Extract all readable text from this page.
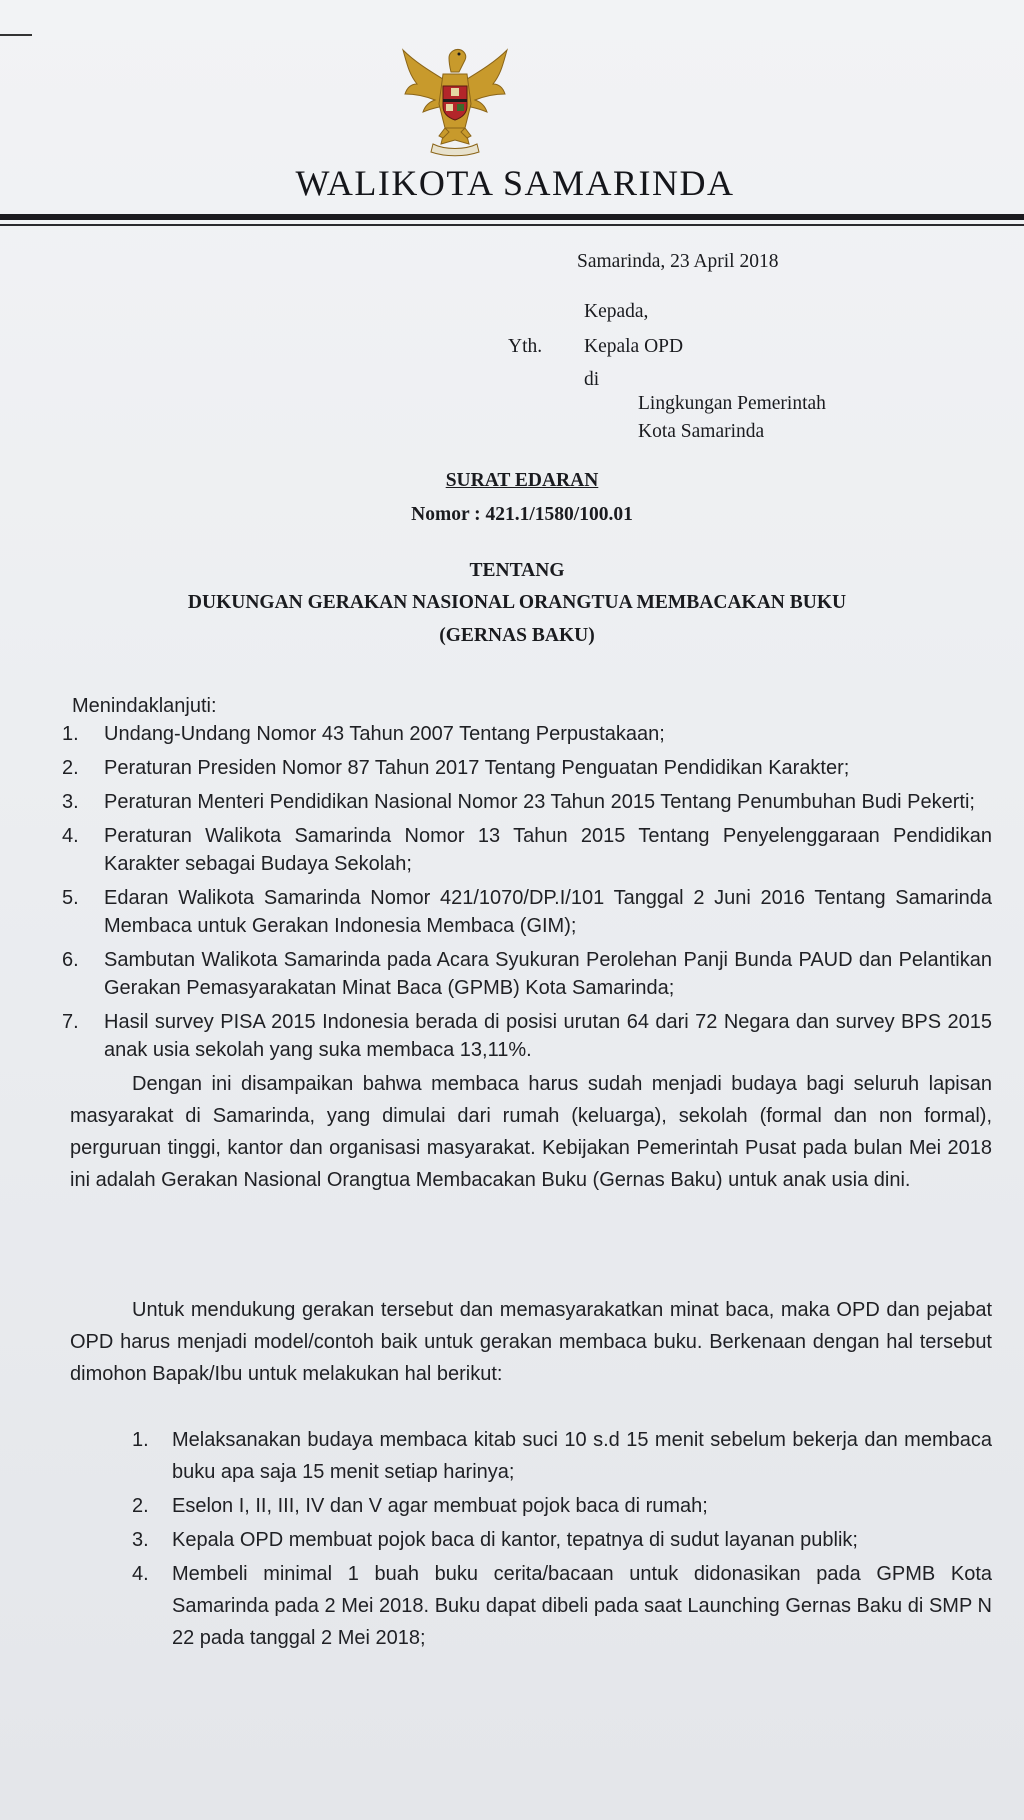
WALIKOTA SAMARINDA
Samarinda, 23 April 2018
Kepada,
Yth. Kepala OPD
di
Lingkungan Pemerintah
Kota Samarinda
SURAT EDARAN
Nomor : 421.1/1580/100.01
TENTANG
DUKUNGAN GERAKAN NASIONAL ORANGTUA MEMBACAKAN BUKU
(GERNAS BAKU)
Menindaklanjuti:
1. Undang-Undang Nomor 43 Tahun 2007 Tentang Perpustakaan;
2. Peraturan Presiden Nomor 87 Tahun 2017 Tentang Penguatan Pendidikan Karakter;
3. Peraturan Menteri Pendidikan Nasional Nomor 23 Tahun 2015 Tentang Penumbuhan Budi Pekerti;
4. Peraturan Walikota Samarinda Nomor 13 Tahun 2015 Tentang Penyelenggaraan Pendidikan Karakter sebagai Budaya Sekolah;
5. Edaran Walikota Samarinda Nomor 421/1070/DP.I/101 Tanggal 2 Juni 2016 Tentang Samarinda Membaca untuk Gerakan Indonesia Membaca (GIM);
6. Sambutan Walikota Samarinda pada Acara Syukuran Perolehan Panji Bunda PAUD dan Pelantikan Gerakan Pemasyarakatan Minat Baca (GPMB) Kota Samarinda;
7. Hasil survey PISA 2015 Indonesia berada di posisi urutan 64 dari 72 Negara dan survey BPS 2015 anak usia sekolah yang suka membaca 13,11%.

Dengan ini disampaikan bahwa membaca harus sudah menjadi budaya bagi seluruh lapisan masyarakat di Samarinda, yang dimulai dari rumah (keluarga), sekolah (formal dan non formal), perguruan tinggi, kantor dan organisasi masyarakat. Kebijakan Pemerintah Pusat pada bulan Mei 2018 ini adalah Gerakan Nasional Orangtua Membacakan Buku (Gernas Baku) untuk anak usia dini.

Untuk mendukung gerakan tersebut dan memasyarakatkan minat baca, maka OPD dan pejabat OPD harus menjadi model/contoh baik untuk gerakan membaca buku. Berkenaan dengan hal tersebut dimohon Bapak/Ibu untuk melakukan hal berikut:

1. Melaksanakan budaya membaca kitab suci 10 s.d 15 menit sebelum bekerja dan membaca buku apa saja 15 menit setiap harinya;
2. Eselon I, II, III, IV dan V agar membuat pojok baca di rumah;
3. Kepala OPD membuat pojok baca di kantor, tepatnya di sudut layanan publik;
4. Membeli minimal 1 buah buku cerita/bacaan untuk didonasikan pada GPMB Kota Samarinda pada 2 Mei 2018. Buku dapat dibeli pada saat Launching Gernas Baku di SMP N 22 pada tanggal 2 Mei 2018;
